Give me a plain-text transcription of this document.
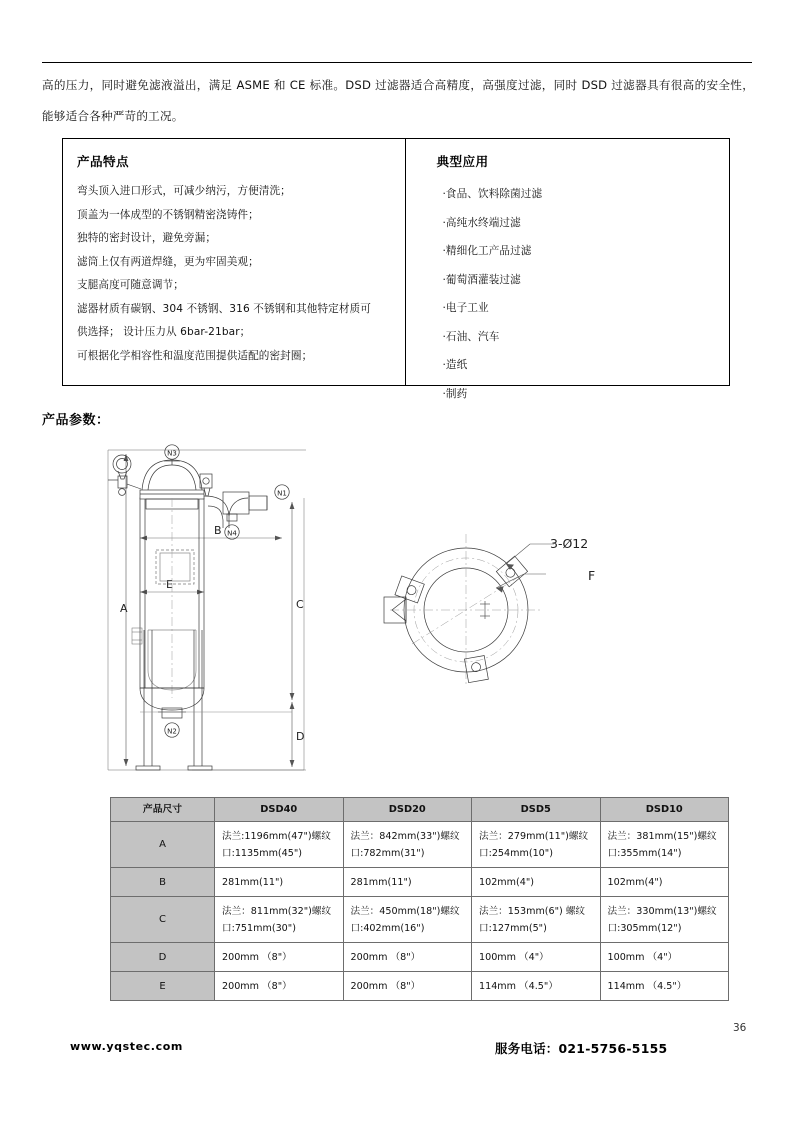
高的压力，同时避免滤液溢出，满足 ASME 和 CE 标准。DSD 过滤器适合高精度，高强度过滤，同时 DSD 过滤器具有很高的安全性，能够适合各种严苛的工况。
产品特点
弯头顶入进口形式，可减少纳污，方便清洗；
顶盖为一体成型的不锈钢精密浇铸件；
独特的密封设计，避免旁漏；
滤筒上仅有两道焊缝，更为牢固美观；
支腿高度可随意调节；
滤器材质有碳钢、304 不锈钢、316 不锈钢和其他特定材质可
供选择； 设计压力从 6bar-21bar；
可根据化学相容性和温度范围提供适配的密封圈；
典型应用
·食品、饮料除菌过滤
·高纯水终端过滤
·精细化工产品过滤
·葡萄酒灌装过滤
·电子工业
·石油、汽车
·造纸
·制药
产品参数：
A	C
D
B
E
N3
N1
N4
N2
3-Ø12
F
产品尺寸	DSD40	DSD20	DSD5	DSD10
A	法兰:1196mm(47")螺纹口:1135mm(45")	法兰：842mm(33")螺纹口:782mm(31")	法兰：279mm(11")螺纹口:254mm(10")	法兰：381mm(15")螺纹口:355mm(14")
B	281mm(11")	281mm(11")	102mm(4")	102mm(4")
C	法兰：811mm(32")螺纹口:751mm(30")	法兰：450mm(18")螺纹口:402mm(16")	法兰：153mm(6") 螺纹口:127mm(5")	法兰：330mm(13")螺纹口:305mm(12")
D	200mm （8"）	200mm （8"）	100mm （4"）	100mm （4"）
E	200mm （8"）	200mm （8"）	114mm （4.5"）	114mm （4.5"）
www.yqstec.com	服务电话：021-5756-5155
36
